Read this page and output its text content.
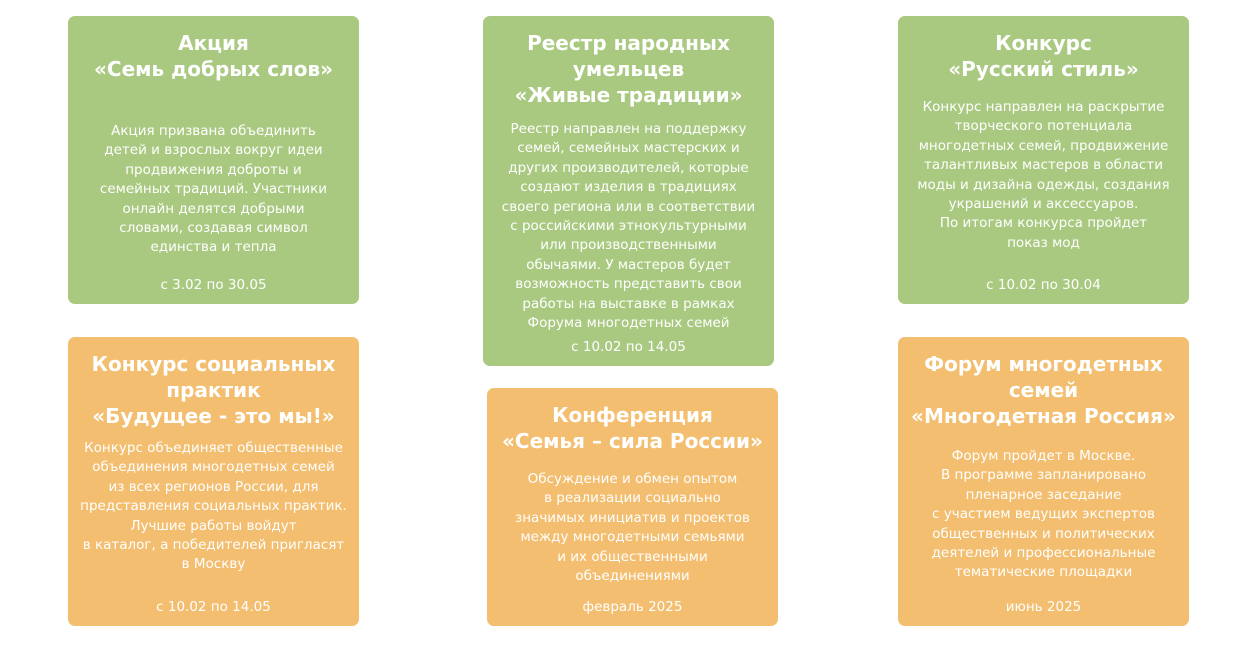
Акция
«Семь добрых слов»

Акция призвана объединить
детей и взрослых вокруг идеи
продвижения доброты и
семейных традиций. Участники
онлайн делятся добрыми
словами, создавая символ
единства и тепла

с 3.02 по 30.05

Реестр народных
умельцев
«Живые традиции»

Реестр направлен на поддержку
семей, семейных мастерских и
других производителей, которые
создают изделия в традициях
своего региона или в соответствии
с российскими этнокультурными
или производственными
обычаями. У мастеров будет
возможность представить свои
работы на выставке в рамках
Форума многодетных семей

с 10.02 по 14.05

Конкурс
«Русский стиль»

Конкурс направлен на раскрытие
творческого потенциала
многодетных семей, продвижение
талантливых мастеров в области
моды и дизайна одежды, создания
украшений и аксессуаров.
По итогам конкурса пройдет
показ мод

с 10.02 по 30.04

Конкурс социальных
практик
«Будущее - это мы!»

Конкурс объединяет общественные
объединения многодетных семей
из всех регионов России, для
представления социальных практик.
Лучшие работы войдут
в каталог, а победителей пригласят
в Москву

с 10.02 по 14.05

Конференция
«Семья – сила России»

Обсуждение и обмен опытом
в реализации социально
значимых инициатив и проектов
между многодетными семьями
и их общественными
объединениями

февраль 2025

Форум многодетных
семей
«Многодетная Россия»

Форум пройдет в Москве.
В программе запланировано
пленарное заседание
с участием ведущих экспертов
общественных и политических
деятелей и профессиональные
тематические площадки

июнь 2025
